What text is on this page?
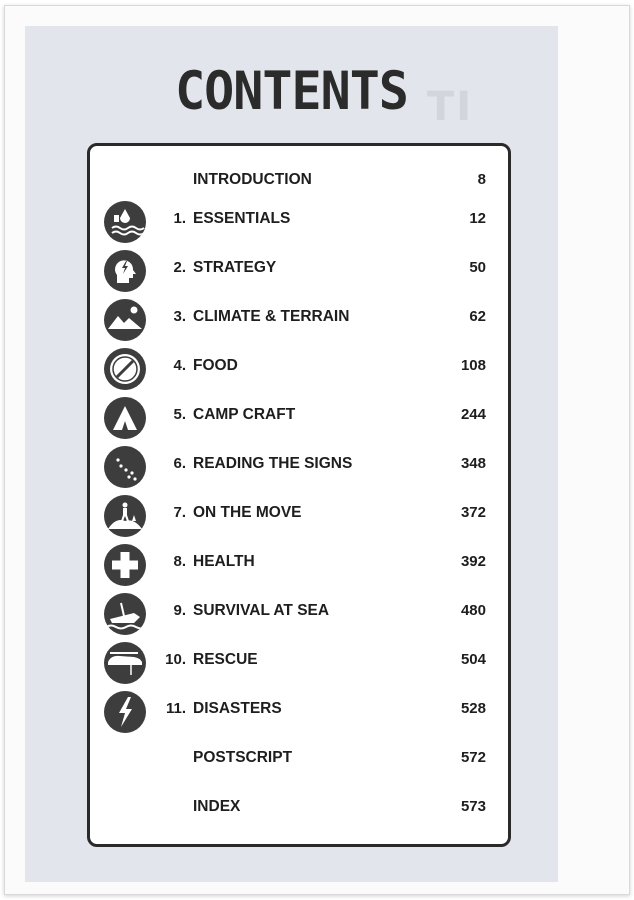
TI
CONTENTS
INTRODUCTION	8
1. ESSENTIALS	12
2. STRATEGY	50
3. CLIMATE & TERRAIN	62
4. FOOD	108
5. CAMP CRAFT	244
6. READING THE SIGNS	348
7. ON THE MOVE	372
8. HEALTH	392
9. SURVIVAL AT SEA	480
10. RESCUE	504
11. DISASTERS	528
POSTSCRIPT	572
INDEX	573
